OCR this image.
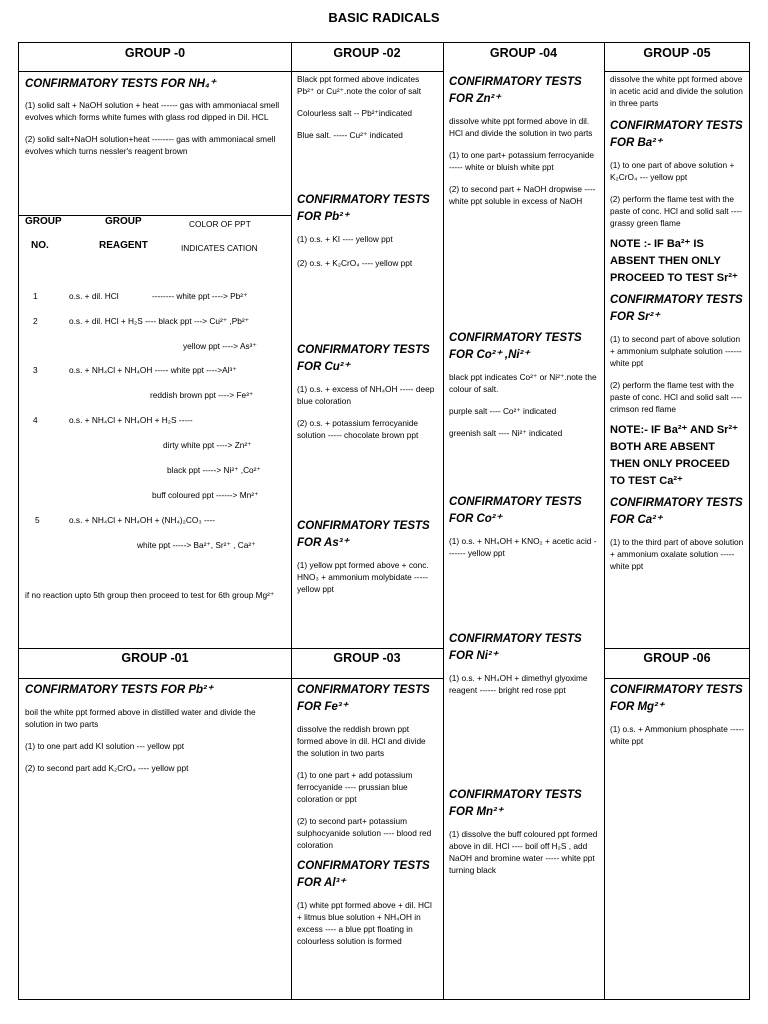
BASIC RADICALS
GROUP -0

CONFIRMATORY TESTS FOR NH₄⁺

(1) solid salt + NaOH solution + heat ------ gas with ammoniacal smell evolves which forms white fumes with glass rod dipped in Dil. HCL

(2) solid salt+NaOH solution+heat -------- gas with ammoniacal smell evolves which turns nessler's reagent brown

GROUP	GROUP	COLOR OF PPT
NO.	REAGENT	INDICATES CATION
1	o.s. + dil. HCl	-------- white ppt ----> Pb²⁺
2	o.s. + dil. HCl + H₂S ---- black ppt ---> Cu²⁺ ,Pb²⁺
yellow ppt ----> As³⁺
3	o.s. + NH₄Cl + NH₄OH ----- white ppt ---->Al³⁺
reddish brown ppt ----> Fe³⁺
4	o.s. + NH₄Cl + NH₄OH + H₂S -----
dirty white ppt ----> Zn²⁺
black ppt -----> Ni²⁺ ,Co²⁺
buff coloured ppt ------> Mn²⁺
5	o.s. + NH₄Cl + NH₄OH + (NH₄)₂CO₃ ----
white ppt -----> Ba²⁺, Sr²⁺ , Ca²⁺
if no reaction upto 5th group then proceed to test for 6th group Mg²⁺
GROUP -02

Black ppt formed above indicates Pb²⁺ or Cu²⁺.note the color of salt

Colourless salt -- Pb²⁺indicated

Blue salt. ----- Cu²⁺ indicated

CONFIRMATORY TESTS FOR Pb²⁺

(1) o.s. + KI ---- yellow ppt

(2) o.s. + K₂CrO₄ ---- yellow ppt

CONFIRMATORY TESTS FOR Cu²⁺

(1) o.s. + excess of NH₄OH ----- deep blue coloration

(2) o.s. + potassium ferrocyanide solution ----- chocolate brown ppt

CONFIRMATORY TESTS FOR As³⁺

(1) yellow ppt formed above + conc. HNO₃ + ammonium molybidate ----- yellow ppt

GROUP -04

CONFIRMATORY TESTS FOR Zn²⁺

dissolve white ppt formed above in dil. HCl and divide the solution in two parts

(1) to one part+ potassium ferrocyanide ----- white or bluish white ppt

(2) to second part + NaOH dropwise ---- white ppt soluble in excess of NaOH

CONFIRMATORY TESTS FOR Co²⁺ ,Ni²⁺

black ppt indicates Co²⁺ or Ni²⁺.note the colour of salt.

purple salt ---- Co²⁺ indicated

greenish salt ---- Ni²⁺ indicated

CONFIRMATORY TESTS FOR Co²⁺

(1) o.s. + NH₄OH + KNO₂ + acetic acid ------- yellow ppt

CONFIRMATORY TESTS FOR Ni²⁺

(1) o.s. + NH₄OH + dimethyl glyoxime reagent ------ bright red rose ppt

CONFIRMATORY TESTS FOR Mn²⁺

(1) dissolve the buff coloured ppt formed above in dil. HCl ---- boil off H₂S , add NaOH and bromine water ----- white ppt turning black

GROUP -05

dissolve the white ppt formed above in acetic acid and divide the solution in three parts

CONFIRMATORY TESTS FOR Ba²⁺

(1) to one part of above solution + K₂CrO₄ --- yellow ppt

(2) perform the flame test with the paste of conc. HCl and solid salt ---- grassy green flame

NOTE :- IF Ba²⁺ IS ABSENT THEN ONLY PROCEED TO TEST Sr²⁺

CONFIRMATORY TESTS FOR Sr²⁺

(1) to second part of above solution + ammonium sulphate solution ------ white ppt

(2) perform the flame test with the paste of conc. HCl and solid salt ---- crimson red flame

NOTE:- IF Ba²⁺ AND Sr²⁺ BOTH ARE ABSENT THEN ONLY PROCEED TO TEST Ca²⁺

CONFIRMATORY TESTS FOR Ca²⁺

(1) to the third part of above solution + ammonium oxalate solution ----- white ppt

GROUP -01

CONFIRMATORY TESTS FOR Pb²⁺

boil the white ppt formed above in distilled water and divide the solution in two parts

(1) to one part add KI solution --- yellow ppt

(2) to second part add K₂CrO₄ ---- yellow ppt

GROUP -03

CONFIRMATORY TESTS FOR Fe³⁺

dissolve the reddish brown ppt formed above in dil. HCl and divide the solution in two parts

(1) to one part + add potassium ferrocyanide ---- prussian blue coloration or ppt

(2) to second part+ potassium sulphocyanide solution ---- blood red coloration

CONFIRMATORY TESTS FOR Al³⁺

(1) white ppt formed above + dil. HCl + litmus blue solution + NH₄OH in excess ---- a blue ppt floating in colourless solution is formed

GROUP -06

CONFIRMATORY TESTS FOR Mg²⁺

(1) o.s. + Ammonium phosphate ----- white ppt
